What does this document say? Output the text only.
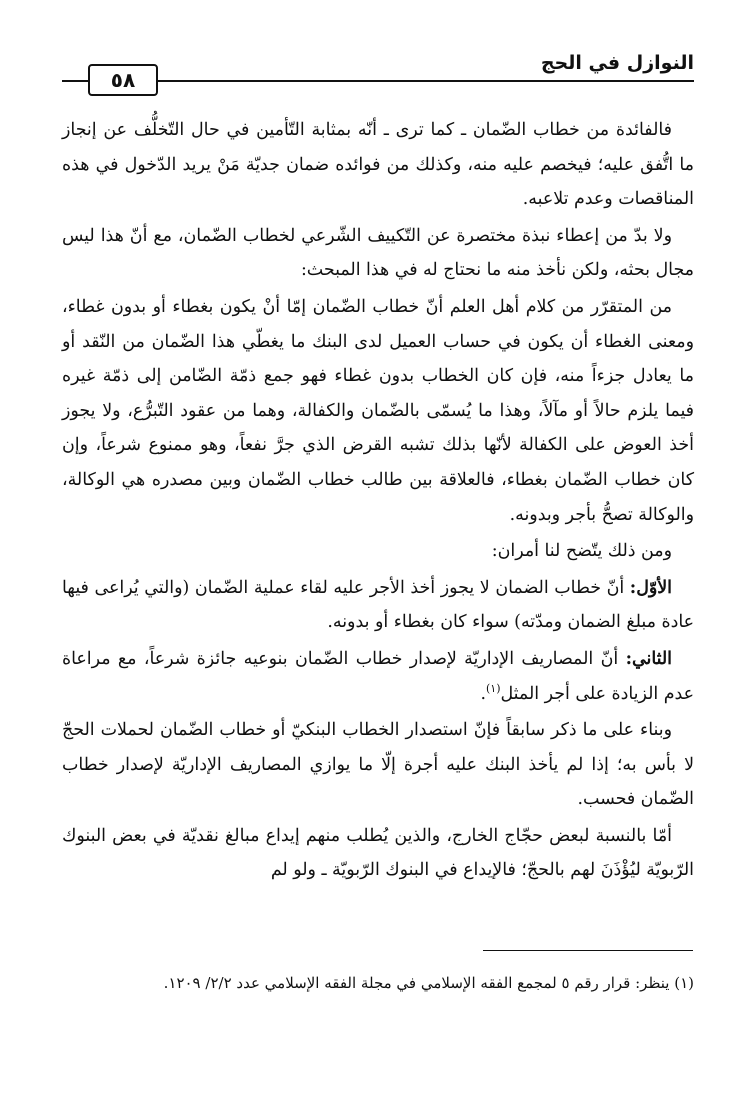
٥٨
النوازل في الحج

فالفائدة من خطاب الضّمان ـ كما ترى ـ أنّه بمثابة التّأمين في حال التّخلُّف عن إنجاز ما اتُّفق عليه؛ فيخصم عليه منه، وكذلك من فوائده ضمان جديّة مَنْ يريد الدّخول في هذه المناقصات وعدم تلاعبه.

ولا بدّ من إعطاء نبذة مختصرة عن التّكييف الشّرعي لخطاب الضّمان، مع أنّ هذا ليس مجال بحثه، ولكن نأخذ منه ما نحتاج له في هذا المبحث:

من المتقرّر من كلام أهل العلم أنّ خطاب الضّمان إمّا أنْ يكون بغطاء أو بدون غطاء، ومعنى الغطاء أن يكون في حساب العميل لدى البنك ما يغطّي هذا الضّمان من النّقد أو ما يعادل جزءاً منه، فإن كان الخطاب بدون غطاء فهو جمع ذمّة الضّامن إلى ذمّة غيره فيما يلزم حالاً أو مآلاً، وهذا ما يُسمّى بالضّمان والكفالة، وهما من عقود التّبرُّع، ولا يجوز أخذ العوض على الكفالة لأنّها بذلك تشبه القرض الذي جرَّ نفعاً، وهو ممنوع شرعاً، وإن كان خطاب الضّمان بغطاء، فالعلاقة بين طالب خطاب الضّمان وبين مصدره هي الوكالة، والوكالة تصحُّ بأجر وبدونه.

ومن ذلك يتّضح لنا أمران:

الأوّل: أنّ خطاب الضمان لا يجوز أخذ الأجر عليه لقاء عملية الضّمان (والتي يُراعى فيها عادة مبلغ الضمان ومدّته) سواء كان بغطاء أو بدونه.

الثاني: أنّ المصاريف الإداريّة لإصدار خطاب الضّمان بنوعيه جائزة شرعاً، مع مراعاة عدم الزيادة على أجر المثل$^{(١)}$.

وبناء على ما ذكر سابقاً فإنّ استصدار الخطاب البنكيّ أو خطاب الضّمان لحملات الحجّ لا بأس به؛ إذا لم يأخذ البنك عليه أجرة إلّا ما يوازي المصاريف الإداريّة لإصدار خطاب الضّمان فحسب.

أمّا بالنسبة لبعض حجّاج الخارج، والذين يُطلب منهم إيداع مبالغ نقديّة في بعض البنوك الرّبويّة ليُؤْذَنَ لهم بالحجّ؛ فالإيداع في البنوك الرّبويّة ـ ولو لم

(١) ينظر: قرار رقم ٥ لمجمع الفقه الإسلامي في مجلة الفقه الإسلامي عدد ٢/٢/ ١٢٠٩.
